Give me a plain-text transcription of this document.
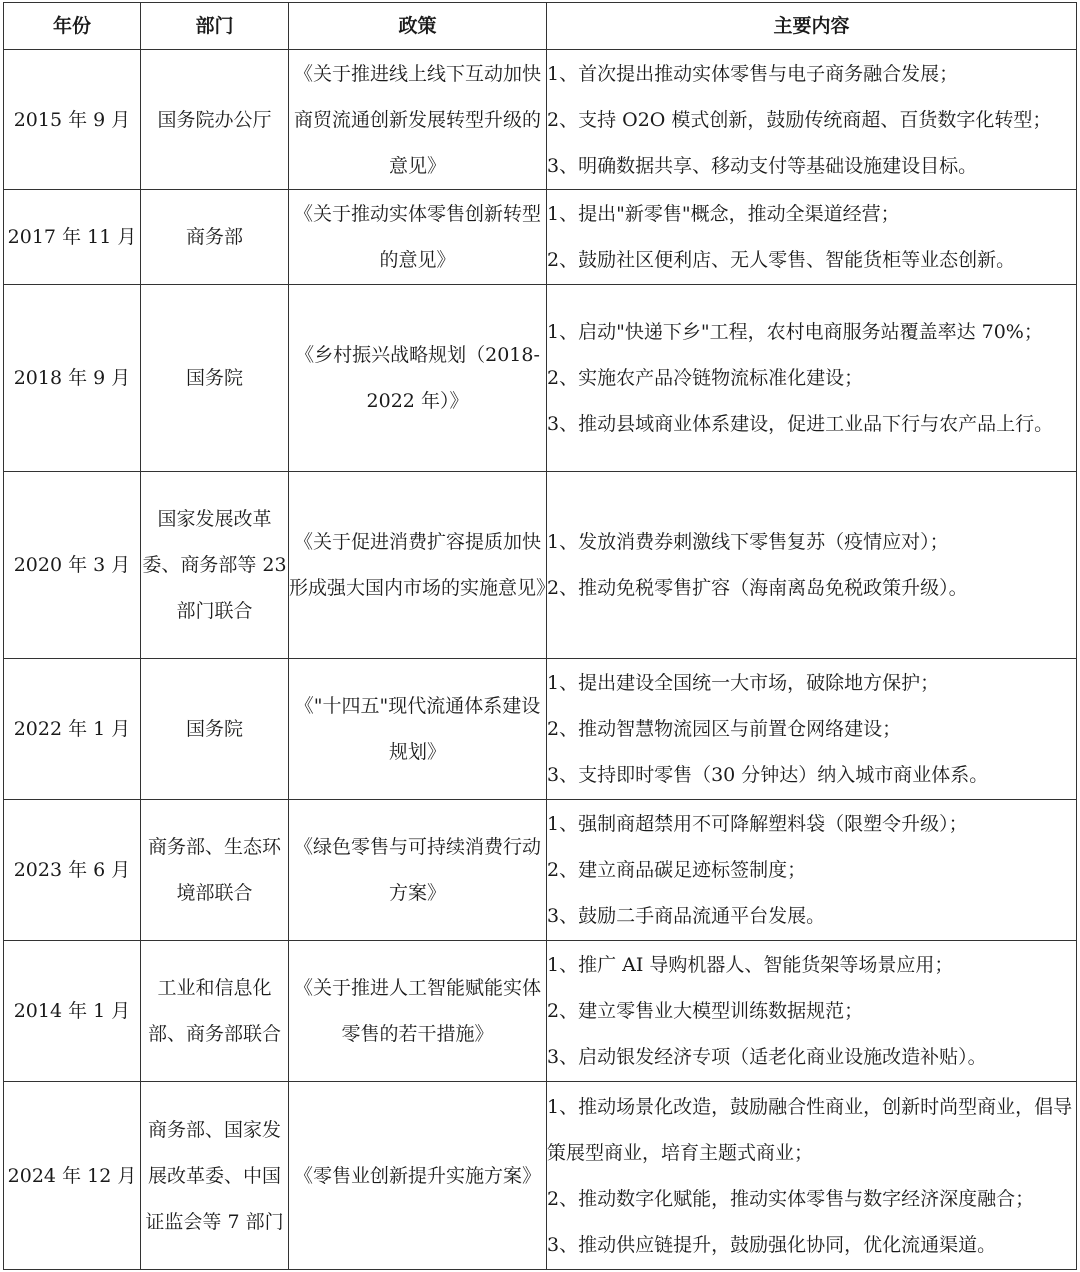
年份	部门	政策	主要内容
2015 年 9 月	国务院办公厅	《关于推进线上线下互动加快商贸流通创新发展转型升级的意见》	1、首次提出推动实体零售与电子商务融合发展；
2、支持 O2O 模式创新，鼓励传统商超、百货数字化转型；
3、明确数据共享、移动支付等基础设施建设目标。

2017 年 11 月	商务部	《关于推动实体零售创新转型的意见》	1、提出"新零售"概念，推动全渠道经营；
2、鼓励社区便利店、无人零售、智能货柜等业态创新。

2018 年 9 月	国务院	《乡村振兴战略规划（2018-2022 年）》	1、启动"快递下乡"工程，农村电商服务站覆盖率达 70%；
2、实施农产品冷链物流标准化建设；
3、推动县域商业体系建设，促进工业品下行与农产品上行。

2020 年 3 月	国家发展改革委、商务部等 23 部门联合	《关于促进消费扩容提质加快形成强大国内市场的实施意见》	1、发放消费券刺激线下零售复苏（疫情应对）；
2、推动免税零售扩容（海南离岛免税政策升级）。

2022 年 1 月	国务院	《"十四五"现代流通体系建设规划》	1、提出建设全国统一大市场，破除地方保护；
2、推动智慧物流园区与前置仓网络建设；
3、支持即时零售（30 分钟达）纳入城市商业体系。

2023 年 6 月	商务部、生态环境部联合	《绿色零售与可持续消费行动方案》	1、强制商超禁用不可降解塑料袋（限塑令升级）；
2、建立商品碳足迹标签制度；
3、鼓励二手商品流通平台发展。

2014 年 1 月	工业和信息化部、商务部联合	《关于推进人工智能赋能实体零售的若干措施》	1、推广 AI 导购机器人、智能货架等场景应用；
2、建立零售业大模型训练数据规范；
3、启动银发经济专项（适老化商业设施改造补贴）。

2024 年 12 月	商务部、国家发展改革委、中国证监会等 7 部门	《零售业创新提升实施方案》	1、推动场景化改造，鼓励融合性商业，创新时尚型商业，倡导策展型商业，培育主题式商业；
2、推动数字化赋能，推动实体零售与数字经济深度融合；
3、推动供应链提升，鼓励强化协同，优化流通渠道。
